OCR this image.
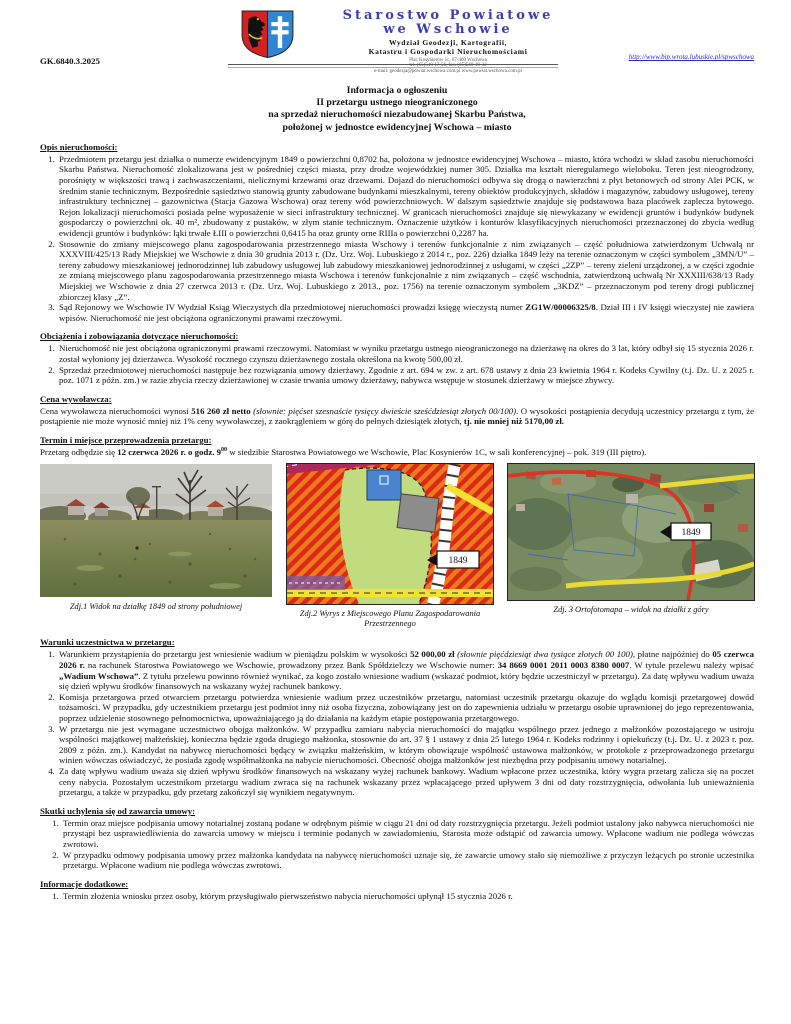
Starostwo Powiatowe
we Wschowie
Wydział Geodezji, Kartografii,
Katastru i Gospodarki Nieruchomościami
Plac Kosynierów 1c, 67-400 Wschowa
tel. (65)540-17-56, fax. (65)540-19-32
e-mail: geodezja@powiat.wschowa.com.pl www.powiat.wschowa.com.pl
GK.6840.3.2025	http://www.bip.wrota.lubuskie.pl/spwschowa
Informacja o ogłoszeniu
II przetargu ustnego nieograniczonego
na sprzedaż nieruchomości niezabudowanej Skarbu Państwa,
położonej w jednostce ewidencyjnej Wschowa – miasto
Opis nieruchomości:
1. Przedmiotem przetargu jest działka o numerze ewidencyjnym 1849 o powierzchni 0,8702 ha, położona w jednostce ewidencyjnej Wschowa – miasto, która wchodzi w skład zasobu nieruchomości Skarbu Państwa. Nieruchomość zlokalizowana jest w pośredniej części miasta, przy drodze wojewódzkiej numer 305. Działka ma kształt nieregularnego wieloboku. Teren jest nieogrodzony, porośnięty w większości trawą i zachwaszczeniami, nielicznymi krzewami oraz drzewami. Dojazd do nieruchomości odbywa się drogą o nawierzchni z płyt betonowych od strony Alei PCK, w średnim stanie technicznym. Bezpośrednie sąsiedztwo stanowią grunty zabudowane budynkami mieszkalnymi, tereny obiektów produkcyjnych, składów i magazynów, zabudowy usługowej, tereny infrastruktury technicznej – gazownictwa (Stacja Gazowa Wschowa) oraz tereny wód powierzchniowych. W dalszym sąsiedztwie znajduje się podstawowa baza placówek zaplecza bytowego. Rejon lokalizacji nieruchomości posiada pełne wyposażenie w sieci infrastruktury technicznej. W granicach nieruchomości znajduje się niewykazany w ewidencji gruntów i budynków budynek gospodarczy o powierzchni ok. 40 m², zbudowany z pustaków, w złym stanie technicznym. Oznaczenie użytków i konturów klasyfikacyjnych nieruchomości przeznaczonej do zbycia według ewidencji gruntów i budynków: łąki trwałe ŁIII o powierzchni 0,6415 ha oraz grunty orne RIIIa o powierzchni 0,2287 ha.
2. Stosownie do zmiany miejscowego planu zagospodarowania przestrzennego miasta Wschowy i terenów funkcjonalnie z nim związanych – część południowa zatwierdzonym Uchwałą nr XXXVIII/425/13 Rady Miejskiej we Wschowie z dnia 30 grudnia 2013 r. (Dz. Urz. Woj. Lubuskiego z 2014 r., poz. 226) działka 1849 leży na terenie oznaczonym w części symbolem „3MN/U” – tereny zabudowy mieszkaniowej jednorodzinnej lub zabudowy usługowej lub zabudowy mieszkaniowej jednorodzinnej z usługami, w części „2ZP” – tereny zieleni urządzonej, a w części zgodnie ze zmianą miejscowego planu zagospodarowania przestrzennego miasta Wschowa i terenów funkcjonalnie z nim związanych – część wschodnia, zatwierdzoną uchwałą Nr XXXIII/638/13 Rady Miejskiej we Wschowie z dnia 27 czerwca 2013 r. (Dz. Urz. Woj. Lubuskiego z 2013., poz. 1756) na terenie oznaczonym symbolem „3KDZ” – przeznaczonym pod tereny drogi publicznej zbiorczej klasy „Z”.
3. Sąd Rejonowy we Wschowie IV Wydział Ksiąg Wieczystych dla przedmiotowej nieruchomości prowadzi księgę wieczystą numer ZG1W/00006325/8. Dział III i IV księgi wieczystej nie zawiera wpisów. Nieruchomość nie jest obciążona ograniczonymi prawami rzeczowymi.
Obciążenia i zobowiązania dotyczące nieruchomości:
1. Nieruchomość nie jest obciążona ograniczonymi prawami rzeczowymi. Natomiast w wyniku przetargu ustnego nieograniczonego na dzierżawę na okres do 3 lat, który odbył się 15 stycznia 2026 r. został wyłoniony jej dzierżawca. Wysokość rocznego czynszu dzierżawnego została określona na kwotę 500,00 zł.
2. Sprzedaż przedmiotowej nieruchomości następuje bez rozwiązania umowy dzierżawy. Zgodnie z art. 694 w zw. z art. 678 ustawy z dnia 23 kwietnia 1964 r. Kodeks Cywilny (t.j. Dz. U. z 2025 r. poz. 1071 z późn. zm.) w razie zbycia rzeczy dzierżawionej w czasie trwania umowy dzierżawy, nabywca wstępuje w stosunek dzierżawy w miejsce zbywcy.
Cena wywoławcza:
Cena wywoławcza nieruchomości wynosi 516 260 zł netto (słownie: pięćset szesnaście tysięcy dwieście sześćdziesiąt złotych 00/100). O wysokości postąpienia decydują uczestnicy przetargu z tym, że postąpienie nie może wynosić mniej niż 1% ceny wywoławczej, z zaokrągleniem w górę do pełnych dziesiątek złotych, tj. nie mniej niż 5170,00 zł.
Termin i miejsce przeprowadzenia przetargu:
Przetarg odbędzie się 12 czerwca 2026 r. o godz. $9^{00}$ w siedzibie Starostwa Powiatowego we Wschowie, Plac Kosynierów 1C, w sali konferencyjnej – pok. 319 (III piętro).
Zdj.1 Widok na działkę 1849 od strony południowej
1849
Zdj.2 Wyrys z Miejscowego Planu Zagospodarowania Przestrzennego
1849
Zdj. 3 Ortofotomapa – widok na działki z góry
Warunki uczestnictwa w przetargu:
1. Warunkiem przystąpienia do przetargu jest wniesienie wadium w pieniądzu polskim w wysokości 52 000,00 zł (słownie pięćdziesiąt dwa tysiące złotych 00 100), płatne najpóźniej do 05 czerwca 2026 r. na rachunek Starostwa Powiatowego we Wschowie, prowadzony przez Bank Spółdzielczy we Wschowie numer: 34 8669 0001 2011 0003 8380 0007. W tytule przelewu należy wpisać „Wadium Wschowa”. Z tytułu przelewu powinno również wynikać, za kogo zostało wniesione wadium (wskazać podmiot, który będzie uczestniczył w przetargu). Za datę wpływu wadium uważa się dzień wpływu środków finansowych na wskazany wyżej rachunek bankowy.
2. Komisja przetargowa przed otwarciem przetargu potwierdza wniesienie wadium przez uczestników przetargu, natomiast uczestnik przetargu okazuje do wglądu komisji przetargowej dowód tożsamości. W przypadku, gdy uczestnikiem przetargu jest podmiot inny niż osoba fizyczna, zobowiązany jest on do zapewnienia udziału w przetargu osobie uprawnionej do jego reprezentowania, poprzez udzielenie stosownego pełnomocnictwa, upoważniającego ją do działania na każdym etapie postępowania przetargowego.
3. W przetargu nie jest wymagane uczestnictwo obojga małżonków. W przypadku zamiaru nabycia nieruchomości do majątku wspólnego przez jednego z małżonków pozostającego w ustroju wspólności majątkowej małżeńskiej, konieczna będzie zgoda drugiego małżonka, stosownie do art. 37 § 1 ustawy z dnia 25 lutego 1964 r. Kodeks rodzinny i opiekuńczy (t.j. Dz. U. z 2023 r. poz. 2809 z późn. zm.). Kandydat na nabywcę nieruchomości będący w związku małżeńskim, w którym obowiązuje wspólność ustawowa małżonków, w protokole z przeprowadzonego przetargu winien wówczas oświadczyć, że posiada zgodę współmałżonka na nabycie nieruchomości. Obecność obojga małżonków jest niezbędna przy podpisaniu umowy notarialnej.
4. Za datę wpływu wadium uważa się dzień wpływu środków finansowych na wskazany wyżej rachunek bankowy. Wadium wpłacone przez uczestnika, który wygra przetarg zalicza się na poczet ceny nabycia. Pozostałym uczestnikom przetargu wadium zwraca się na rachunek wskazany przez wpłacającego przed upływem 3 dni od daty rozstrzygnięcia, odwołania lub unieważnienia przetargu, a także w przypadku, gdy przetarg zakończył się wynikiem negatywnym.
Skutki uchylenia się od zawarcia umowy:
1. Termin oraz miejsce podpisania umowy notarialnej zostaną podane w odrębnym piśmie w ciągu 21 dni od daty rozstrzygnięcia przetargu. Jeżeli podmiot ustalony jako nabywca nieruchomości nie przystąpi bez usprawiedliwienia do zawarcia umowy w miejscu i terminie podanych w zawiadomieniu, Starosta może odstąpić od zawarcia umowy. Wpłacone wadium nie podlega wówczas zwrotowi.
2. W przypadku odmowy podpisania umowy przez małżonka kandydata na nabywcę nieruchomości uznaje się, że zawarcie umowy stało się niemożliwe z przyczyn leżących po stronie uczestnika przetargu. Wpłacone wadium nie podlega wówczas zwrotowi.
Informacje dodatkowe:
1. Termin złożenia wniosku przez osoby, którym przysługiwało pierwszeństwo nabycia nieruchomości upłynął 15 stycznia 2026 r.
